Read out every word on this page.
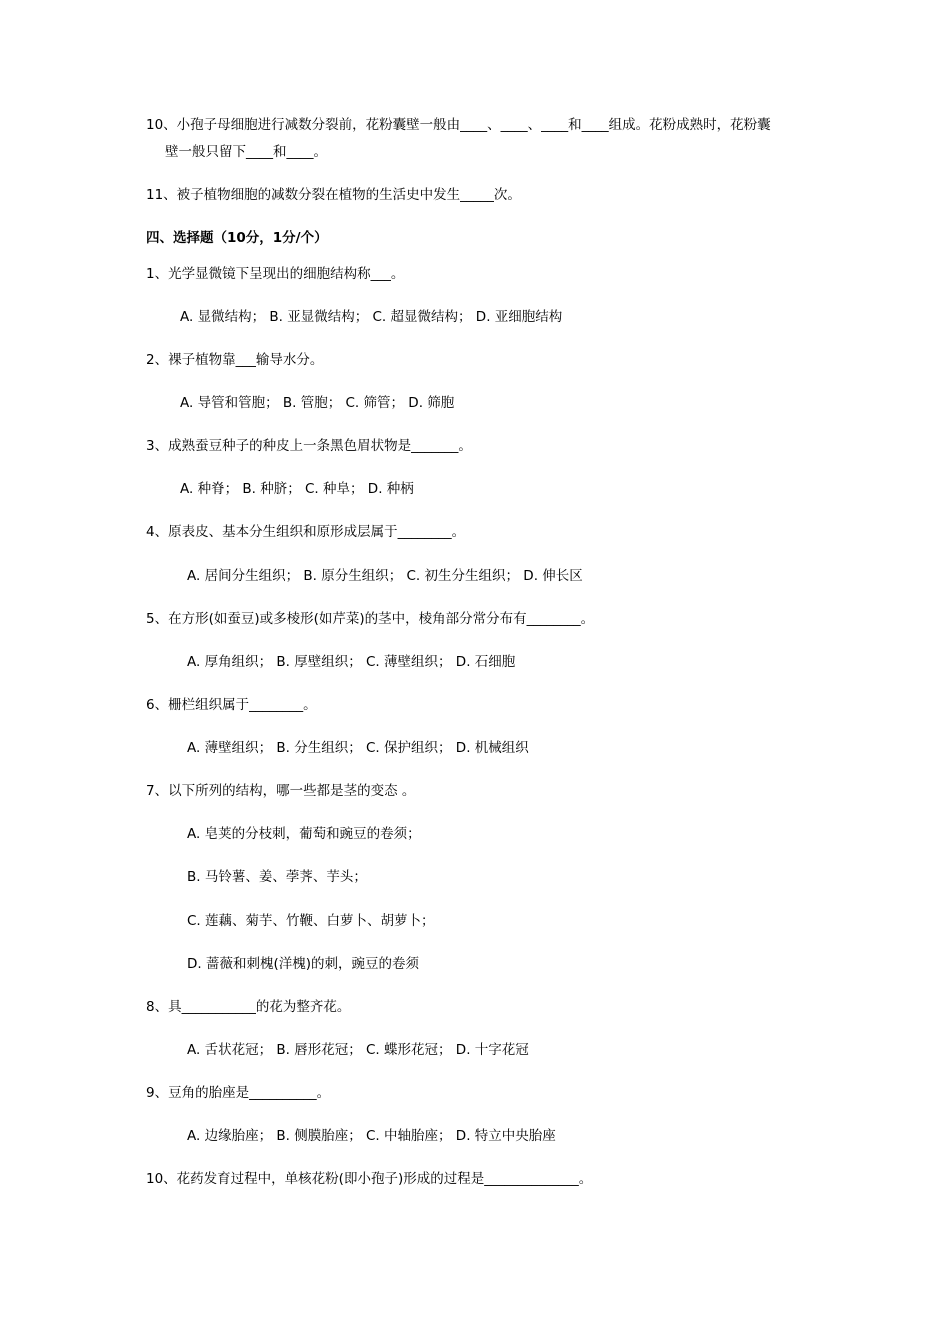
10、小孢子母细胞进行减数分裂前，花粉囊壁一般由____、____、____和____组成。花粉成熟时，花粉囊
壁一般只留下____和____。
11、被子植物细胞的减数分裂在植物的生活史中发生_____次。
四、选择题（10分，1分/个）
1、光学显微镜下呈现出的细胞结构称___。
A. 显微结构； B. 亚显微结构； C. 超显微结构； D. 亚细胞结构
2、裸子植物靠___输导水分。
A. 导管和管胞； B. 管胞； C. 筛管； D. 筛胞
3、成熟蚕豆种子的种皮上一条黑色眉状物是_______。
A. 种脊； B. 种脐； C. 种阜； D. 种柄
4、原表皮、基本分生组织和原形成层属于________。
A. 居间分生组织； B. 原分生组织； C. 初生分生组织； D. 伸长区
5、在方形(如蚕豆)或多棱形(如芹菜)的茎中，棱角部分常分布有________。
A. 厚角组织； B. 厚壁组织； C. 薄壁组织； D. 石细胞
6、栅栏组织属于________。
A. 薄壁组织； B. 分生组织； C. 保护组织； D. 机械组织
7、以下所列的结构，哪一些都是茎的变态 。
A. 皂荚的分枝刺，葡萄和豌豆的卷须；
B. 马铃薯、姜、荸荠、芋头；
C. 莲藕、菊芋、竹鞭、白萝卜、胡萝卜；
D. 蔷薇和刺槐(洋槐)的刺，豌豆的卷须
8、具___________的花为整齐花。
A. 舌状花冠； B. 唇形花冠； C. 蝶形花冠； D. 十字花冠
9、豆角的胎座是__________。
A. 边缘胎座； B. 侧膜胎座； C. 中轴胎座； D. 特立中央胎座
10、花药发育过程中，单核花粉(即小孢子)形成的过程是______________。
